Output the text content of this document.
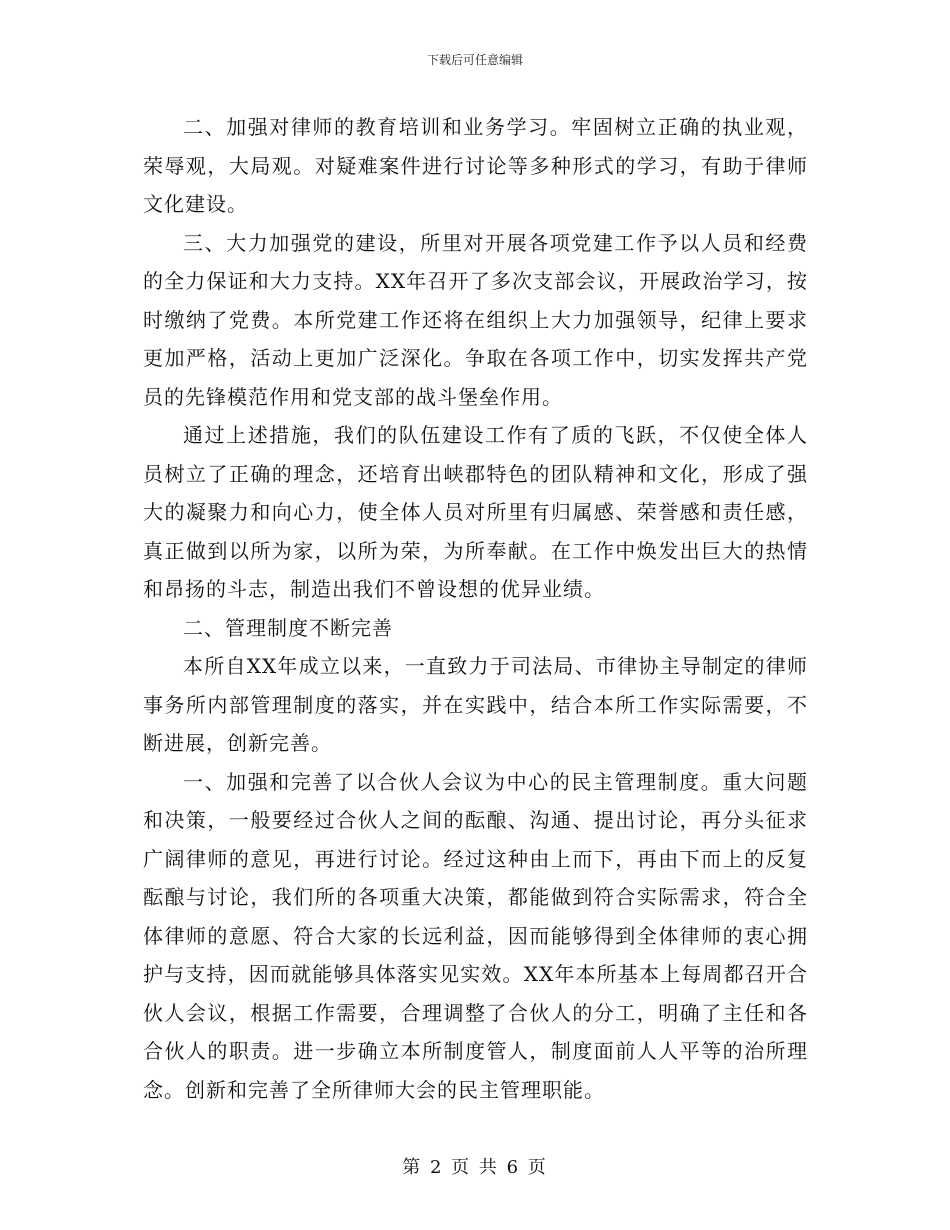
下载后可任意编辑

二、加强对律师的教育培训和业务学习。牢固树立正确的执业观，荣辱观，大局观。对疑难案件进行讨论等多种形式的学习，有助于律师文化建设。

三、大力加强党的建设，所里对开展各项党建工作予以人员和经费的全力保证和大力支持。XX年召开了多次支部会议，开展政治学习，按时缴纳了党费。本所党建工作还将在组织上大力加强领导，纪律上要求更加严格，活动上更加广泛深化。争取在各项工作中，切实发挥共产党员的先锋模范作用和党支部的战斗堡垒作用。

通过上述措施，我们的队伍建设工作有了质的飞跃，不仅使全体人员树立了正确的理念，还培育出峡郡特色的团队精神和文化，形成了强大的凝聚力和向心力，使全体人员对所里有归属感、荣誉感和责任感，真正做到以所为家，以所为荣，为所奉献。在工作中焕发出巨大的热情和昂扬的斗志，制造出我们不曾设想的优异业绩。

二、管理制度不断完善

本所自XX年成立以来，一直致力于司法局、市律协主导制定的律师事务所内部管理制度的落实，并在实践中，结合本所工作实际需要，不断进展，创新完善。

一、加强和完善了以合伙人会议为中心的民主管理制度。重大问题和决策，一般要经过合伙人之间的酝酿、沟通、提出讨论，再分头征求广阔律师的意见，再进行讨论。经过这种由上而下，再由下而上的反复酝酿与讨论，我们所的各项重大决策，都能做到符合实际需求，符合全体律师的意愿、符合大家的长远利益，因而能够得到全体律师的衷心拥护与支持，因而就能够具体落实见实效。XX年本所基本上每周都召开合伙人会议，根据工作需要，合理调整了合伙人的分工，明确了主任和各合伙人的职责。进一步确立本所制度管人，制度面前人人平等的治所理念。创新和完善了全所律师大会的民主管理职能。

第 2 页 共 6 页
